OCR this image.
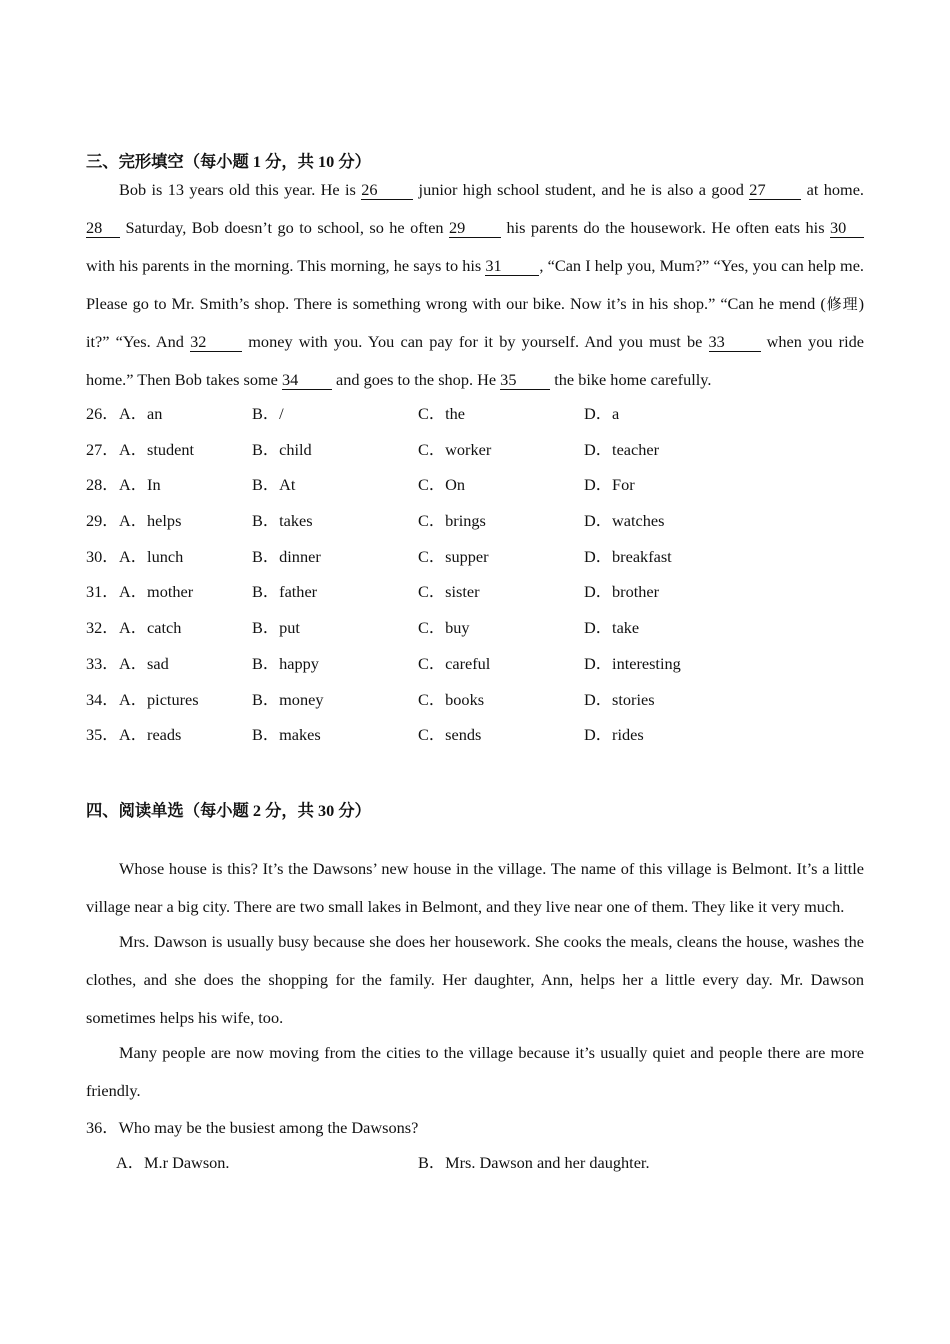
三、完形填空（每小题 1 分，共 10 分）

Bob is 13 years old this year. He is 26 junior high school student, and he is also a good 27 at home. 28 Saturday, Bob doesn’t go to school, so he often 29 his parents do the housework. He often eats his 30 with his parents in the morning. This morning, he says to his 31 , “Can I help you, Mum?” “Yes, you can help me. Please go to Mr. Smith’s shop. There is something wrong with our bike. Now it’s in his shop.” “Can he mend (修理) it?” “Yes. And 32 money with you. You can pay for it by yourself. And you must be 33 when you ride home.” Then Bob takes some 34 and goes to the shop. He 35 the bike home carefully.

26． A．an	B．/	C．the	D．a
27． A．student	B．child	C．worker	D．teacher
28． A．In	B．At	C．On	D．For
29． A．helps	B．takes	C．brings	D．watches
30． A．lunch	B．dinner	C．supper	D．breakfast
31． A．mother	B．father	C．sister	D．brother
32． A．catch	B．put	C．buy	D．take
33． A．sad	B．happy	C．careful	D．interesting
34． A．pictures	B．money	C．books	D．stories
35． A．reads	B．makes	C．sends	D．rides

四、阅读单选（每小题 2 分，共 30 分）

Whose house is this? It’s the Dawsons’ new house in the village. The name of this village is Belmont. It’s a little village near a big city. There are two small lakes in Belmont, and they live near one of them. They like it very much.

Mrs. Dawson is usually busy because she does her housework. She cooks the meals, cleans the house, washes the clothes, and she does the shopping for the family. Her daughter, Ann, helps her a little every day. Mr. Dawson sometimes helps his wife, too.

Many people are now moving from the cities to the village because it’s usually quiet and people there are more friendly.

36．Who may be the busiest among the Dawsons?

A．M.r Dawson.	B．Mrs. Dawson and her daughter.
